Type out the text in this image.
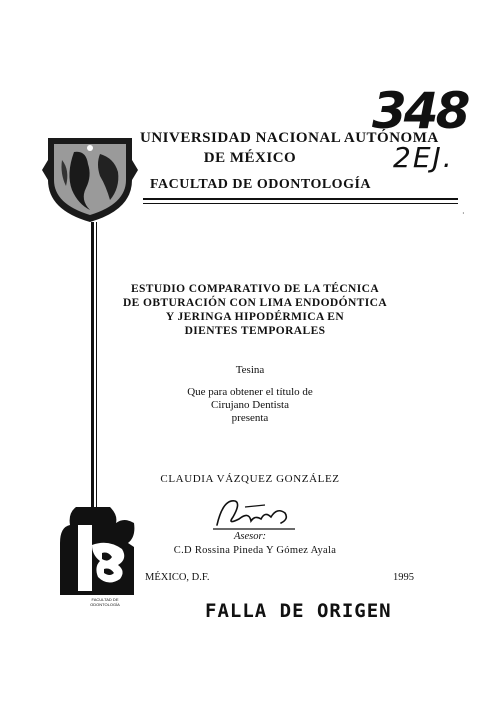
UNIVERSIDAD NACIONAL AUTÓNOMA
DE MÉXICO
FACULTAD DE ODONTOLOGÍA
348
2EJ.
·
ESTUDIO COMPARATIVO DE LA TÉCNICA
DE OBTURACIÓN CON LIMA ENDODÓNTICA
Y JERINGA HIPODÉRMICA EN
DIENTES TEMPORALES
Tesina
Que para obtener el título de
Cirujano Dentista
presenta
CLAUDIA VÁZQUEZ GONZÁLEZ
Asesor:
C.D Rossina Pineda Y Gómez Ayala
FACULTAD DE ODONTOLOGÍA
MÉXICO, D.F.	1995
FALLA DE ORIGEN
